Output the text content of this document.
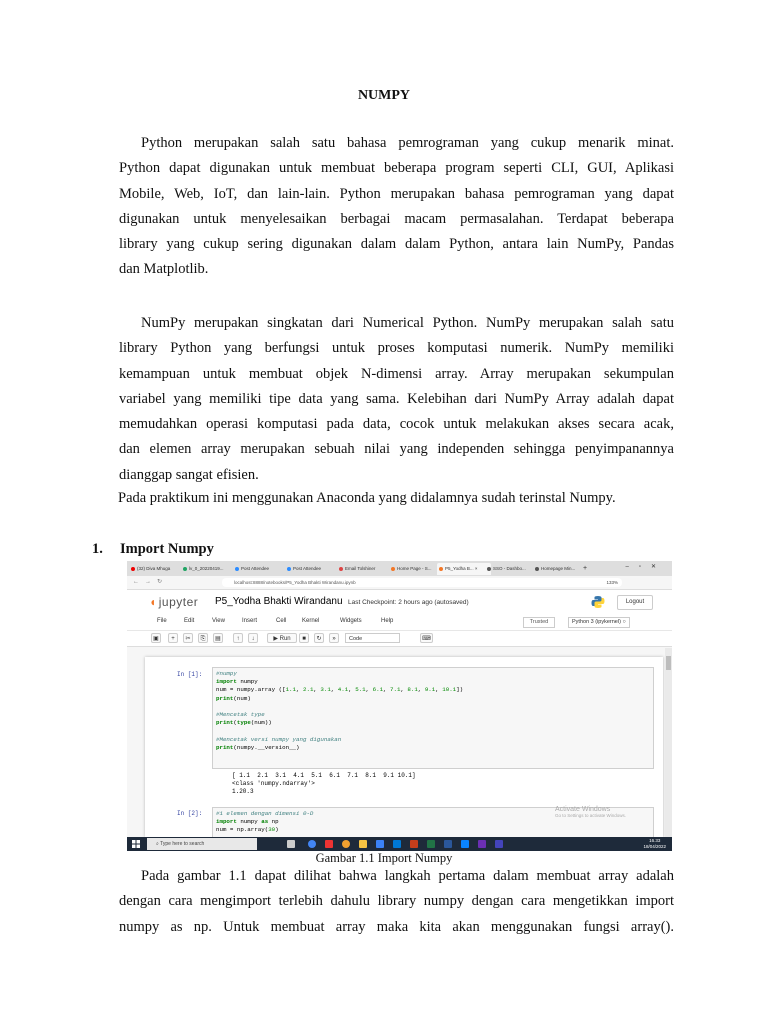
NUMPY
Python merupakan salah satu bahasa pemrograman yang cukup menarik minat.
Python dapat digunakan untuk membuat beberapa program seperti CLI, GUI, Aplikasi
Mobile, Web, IoT, dan lain-lain. Python merupakan bahasa pemrograman yang dapat
digunakan untuk menyelesaikan berbagai macam permasalahan. Terdapat beberapa
library yang cukup sering digunakan dalam dalam Python, antara lain NumPy, Pandas
dan Matplotlib.
NumPy merupakan singkatan dari Numerical Python. NumPy merupakan salah satu
library Python yang berfungsi untuk proses komputasi numerik. NumPy memiliki
kemampuan untuk membuat objek N-dimensi array. Array merupakan sekumpulan
variabel yang memiliki tipe data yang sama. Kelebihan dari NumPy Array adalah dapat
memudahkan operasi komputasi pada data, cocok untuk melakukan akses secara acak,
dan elemen array merupakan sebuah nilai yang independen sehingga penyimpanannya
dianggap sangat efisien.
Pada praktikum ini menggunakan Anaconda yang didalamnya sudah terinstal Numpy.
1. Import Numpy
(32) Diva Mhuga	lv_0_20220419...	Post Attendee	Post Attendee	Email Tolshiner	Home Page - S...	P5_Yodha B... ×	SSO - Dashbo...	Homepage Min...	+	–▫✕
←→↻	localhost:8888/notebooks/P5_Yodha Bhakti Wirandanu.ipynb	133%
◖ jupyter P5_Yodha Bhakti Wirandanu Last Checkpoint: 2 hours ago (autosaved)	Logout
File	Edit	View	Insert	Cell	Kernel	Widgets	Help	Trusted	Python 3 (ipykernel) ○
▣	+	✂	⎘	▤	↑	↓	▶ Run	■	↻	»	Code	⌨
In [1]:	#numpy
import numpy
num = numpy.array ([1.1, 2.1, 3.1, 4.1, 5.1, 6.1, 7.1, 8.1, 9.1, 10.1])
print(num)

#Mencetak type
print(type(num))

#Mencetak versi numpy yang digunakan
print(numpy.__version__)
[ 1.1  2.1  3.1  4.1  5.1  6.1  7.1  8.1  9.1 10.1]
<class 'numpy.ndarray'>
1.20.3
In [2]:	#1 elemen dengan dimensi 0-D
import numpy as np
num = np.array(30)
Activate Windows
Go to Settings to activate Windows.
⌕ Type here to search
16.33
18/04/2022
Gambar 1.1 Import Numpy
Pada gambar 1.1 dapat dilihat bahwa langkah pertama dalam membuat array adalah
dengan cara mengimport terlebih dahulu library numpy dengan cara mengetikkan import
numpy as np. Untuk membuat array maka kita akan menggunakan fungsi array().
